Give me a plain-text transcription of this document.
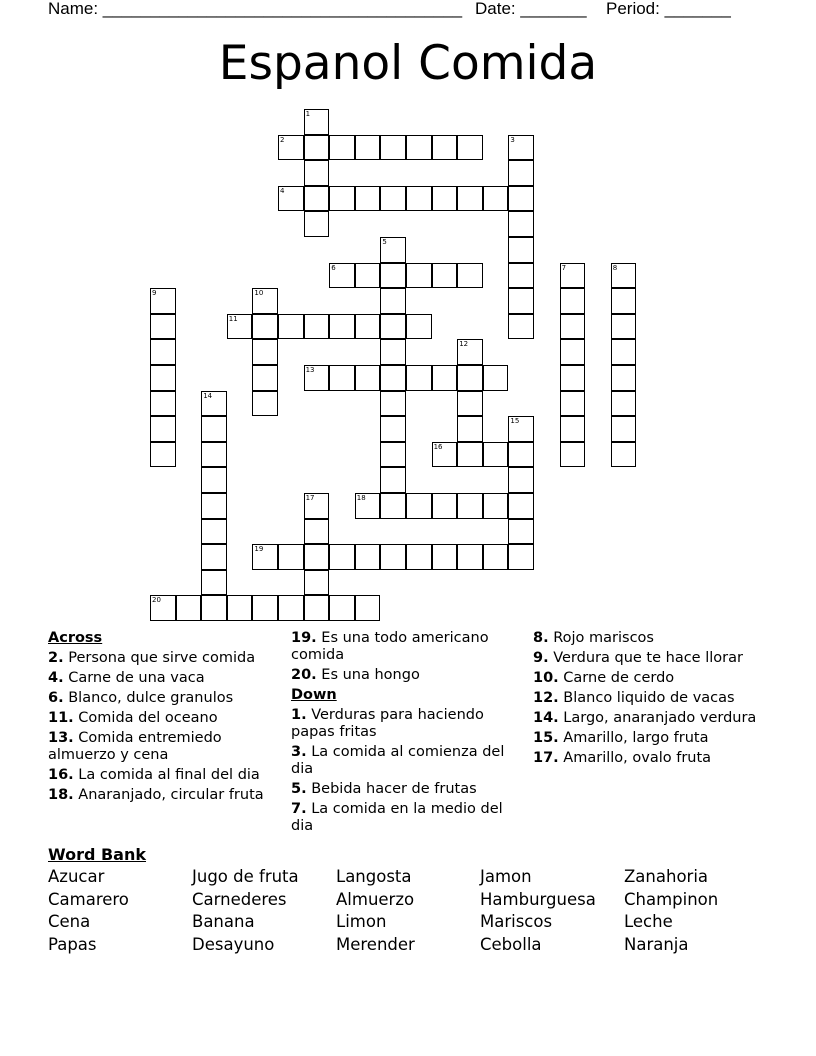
Name: ______________________________________

Date: _______

Period: _______

Espanol Comida
1
2	3
4
5
6	7	8
9	10
11
12
13
14
15
16
17	18
19
20
Across
2. Persona que sirve comida
4. Carne de una vaca
6. Blanco, dulce granulos
11. Comida del oceano
13. Comida entremiedo almuerzo y cena
16. La comida al final del dia
18. Anaranjado, circular fruta
19. Es una todo americano comida
20. Es una hongo
Down
1. Verduras para haciendo papas fritas
3. La comida al comienza del dia
5. Bebida hacer de frutas
7. La comida en la medio del dia
8. Rojo mariscos
9. Verdura que te hace llorar
10. Carne de cerdo
12. Blanco liquido de vacas
14. Largo, anaranjado verdura
15. Amarillo, largo fruta
17. Amarillo, ovalo fruta
Word Bank
Azucar	Jugo de fruta	Langosta	Jamon	Zanahoria
Camarero	Carnederes	Almuerzo	Hamburguesa	Champinon
Cena	Banana	Limon	Mariscos	Leche
Papas	Desayuno	Merender	Cebolla	Naranja
